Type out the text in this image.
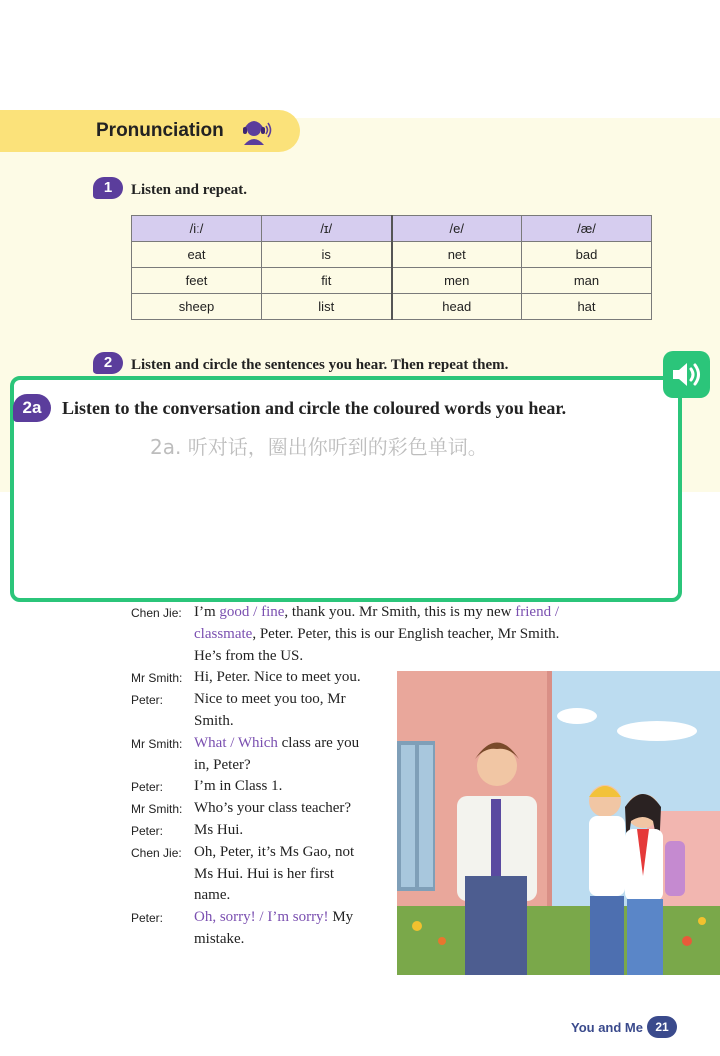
Pronunciation
1	Listen and repeat.
/iː/	/ɪ/	/e/	/æ/
eat	is	net	bad
feet	fit	men	man
sheep	list	head	hat
2	Listen and circle the sentences you hear. Then repeat them.
2a	Listen to the conversation and circle the coloured words you hear.
2a. 听对话，圈出你听到的彩色单词。
Chen Jie: I’m good / fine, thank you. Mr Smith, this is my new friend /
classmate, Peter. Peter, this is our English teacher, Mr Smith.
He’s from the US.
Mr Smith: Hi, Peter. Nice to meet you.
Peter: Nice to meet you too, Mr
Smith.
Mr Smith: What / Which class are you
in, Peter?
Peter: I’m in Class 1.
Mr Smith: Who’s your class teacher?
Peter: Ms Hui.
Chen Jie: Oh, Peter, it’s Ms Gao, not
Ms Hui. Hui is her first
name.
Peter: Oh, sorry! / I’m sorry! My
mistake.
You and Me	21
